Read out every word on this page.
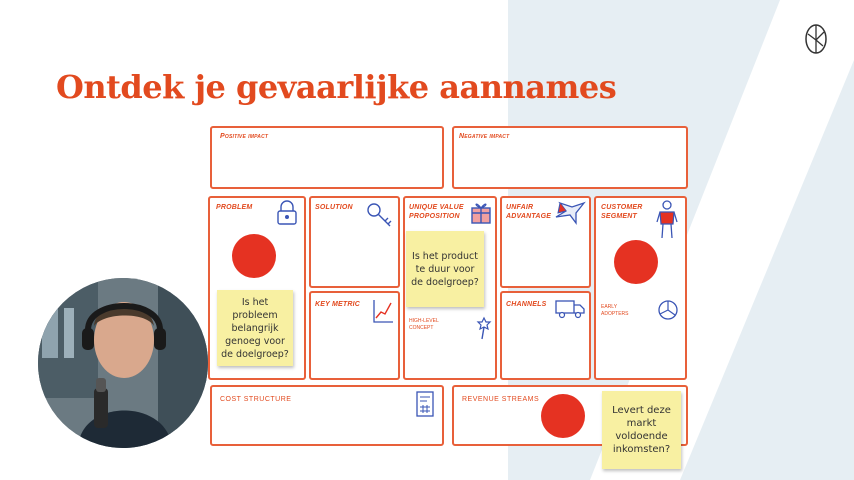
Ontdek je gevaarlijke aannames
Positive impact	Negative impact
PROBLEM	SOLUTION
KEY METRIC
UNIQUE VALUE PROPOSITION
HIGH-LEVEL CONCEPT
UNFAIR ADVANTAGE
CHANNELS
CUSTOMER SEGMENT
EARLY ADOPTERS
COST STRUCTURE	REVENUE STREAMS
Is het probleem belangrijk genoeg voor de doelgroep?
Is het product te duur voor de doelgroep?
Levert deze markt voldoende inkomsten?
